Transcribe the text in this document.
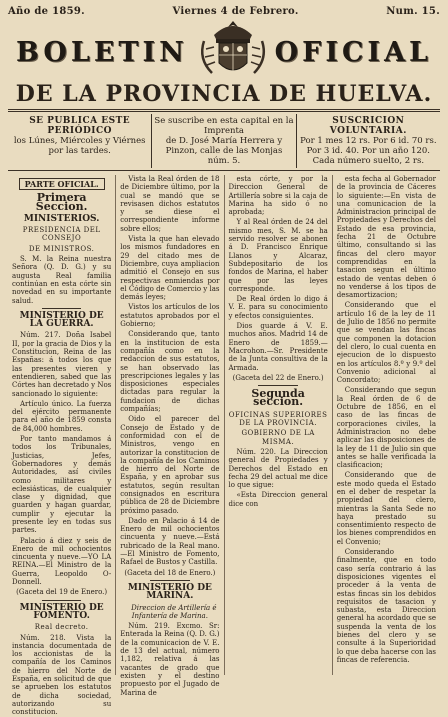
Año de 1859.	Viernes 4 de Febrero.	Num. 15.
BOLETIN	OFICIAL
DE LA PROVINCIA DE HUELVA.
SE PUBLICA ESTE PERIÓDICO
los Lúnes, Miércoles y Viérnes por las tardes.
Se suscribe en esta capital en la Imprenta
de D. José María Herrera y Pinzon, calle de las Monjas núm. 5.
SUSCRICION VOLUNTARIA.
Por 1 mes 12 rs. Por 6 id. 70 rs.
Por 3 id. 40. Por un año 120.
Cada número suelto, 2 rs.
PARTE OFICIAL.
Primera Seccion.
MINISTERIOS.
PRESIDENCIA DEL CONSEJO
DE MINISTROS.

S. M. la Reina nuestra Señora (Q. D. G.) y su augusta Real familia continúan en esta córte sin novedad en su importante salud.

MINISTERIO DE LA GUERRA.

Núm. 217. Doña Isabel II, por la gracia de Dios y la Constitucion, Reina de las Españas: á todos los que las presentes vieren y entendieren, sabed que las Córtes han decretado y Nos sancionado lo siguiente:

Artículo único. La fuerza del ejército permanente para el año de 1859 consta de 84,000 hombres.

Por tanto mandamos á todos los Tribunales, Justicias, Jefes, Gobernadores y demás Autoridades, así civiles como militares y eclesiásticas, de cualquier clase y dignidad, que guarden y hagan guardar, cumplir y ejecutar la presente ley en todas sus partes.

Palacio á diez y seis de Enero de mil ochocientos cincuenta y nueve.—YO LA REINA.—El Ministro de la Guerra, Leopoldo O-Donnell.

(Gaceta del 19 de Enero.)
MINISTERIO DE FOMENTO.
Real decreto.

Núm. 218. Vista la instancia documentada de los accionistas de la compañía de los Caminos de hierro del Norte de España, en solicitud de que se aprueben los estatutos de dicha sociedad, autorizando su constitucion.

Vista la Real órden de 18 de Diciembre último, por la cual se mandó que se revisasen dichos estatutos y se diese el correspondiente informe sobre ellos;

Vista la que han elevado los mismos fundadores en 29 del citado mes de Diciembre, cuya ampliacion admitió el Consejo en sus respectivas enmiendas por el Código de Comercio y las demás leyes;

Vistos los artículos de los estatutos aprobados por el Gobierno;

Considerando que, tanto en la institucion de esta compañía como en la redaccion de sus estatutos, se han observado las prescripciones legales y las disposiciones especiales dictadas para regular la fundacion de dichas compañías;

Oido el parecer del Consejo de Estado y de conformidad con el de Ministros, vengo en autorizar la constitucion de la compañía de los Caminos de hierro del Norte de España, y en aprobar sus estatutos, según resultan consignados en escritura pública de 28 de Diciembre próximo pasado.

Dado en Palacio á 14 de Enero de mil ochocientos cincuenta y nueve.—Está rubricado de la Real mano.—El Ministro de Fomento, Rafael de Bustos y Castilla.

(Gaceta del 18 de Enero.)
MINISTERIO DE MARINA.

Direccion de Artillería é Infantería de Marina.

Núm. 219. Excmo. Sr: Enterada la Reina (Q. D. G.) de la comunicacion de V. E. de 13 del actual, número 1,182, relativa á las vacantes de grado que existen y el destino propuesto por el Jugado de Marina de

esta córte, y por la Direccion General de Artillería sobre si la caja de Marina ha sido ó no aprobada;

Y al Real órden de 24 del mismo mes, S. M. se ha servido resolver se abonen á D. Francisco Enrique Llanos y Alcaraz, Subdepositario de los fondos de Marina, el haber que por las leyes corresponde.

De Real órden lo digo á V. E. para su conocimiento y efectos consiguientes.

Dios guarde á V. E. muchos años. Madrid 14 de Enero de 1859.—Macrohon.—Sr. Presidente de la Junta consultiva de la Armada.

(Gaceta del 22 de Enero.)
Segunda seccion.
OFICINAS SUPERIORES DE LA PROVINCIA.
GOBIERNO DE LA MISMA.

Núm. 220. La Direccion general de Propiedades y Derechos del Estado en fecha 29 del actual me dice lo que sigue:

«Esta Direccion general dice con

esta fecha al Gobernador de la provincia de Cáceres lo siguiente:—En vista de una comunicacion de la Administracion principal de Propiedades y Derechos del Estado de esa provincia, fecha 21 de Octubre último, consultando si las fincas del clero mayor comprendidas en la tasacion segun el último estado de ventas deben ó no venderse á los tipos de desamortizacion;

Considerando que el artículo 16 de la ley de 11 de Julio de 1856 no permite que se vendan las fincas que componen la dotacion del clero, lo cual cuenta en ejecucion de lo dispuesto en los artículos 8.º y 9.º del Convenio adicional al Concordato;

Considerando que segun la Real órden de 6 de Octubre de 1856, en el caso de las fincas de corporaciones civiles, la Administracion no debe aplicar las disposiciones de la ley de 11 de Julio sin que antes se halle verificada la clasificacion;

Considerando que de este modo queda el Estado en el deber de respetar la propiedad del clero, mientras la Santa Sede no haya prestado su consentimiento respecto de los bienes comprendidos en el Convenio;

Considerando finalmente, que en todo caso sería contrario á las disposiciones vigentes el proceder á la venta de estas fincas sin los debidos requisitos de tasacion y subasta, esta Direccion general ha acordado que se suspenda la venta de los bienes del clero y se consulte á la Superioridad lo que deba hacerse con las fincas de referencia.
